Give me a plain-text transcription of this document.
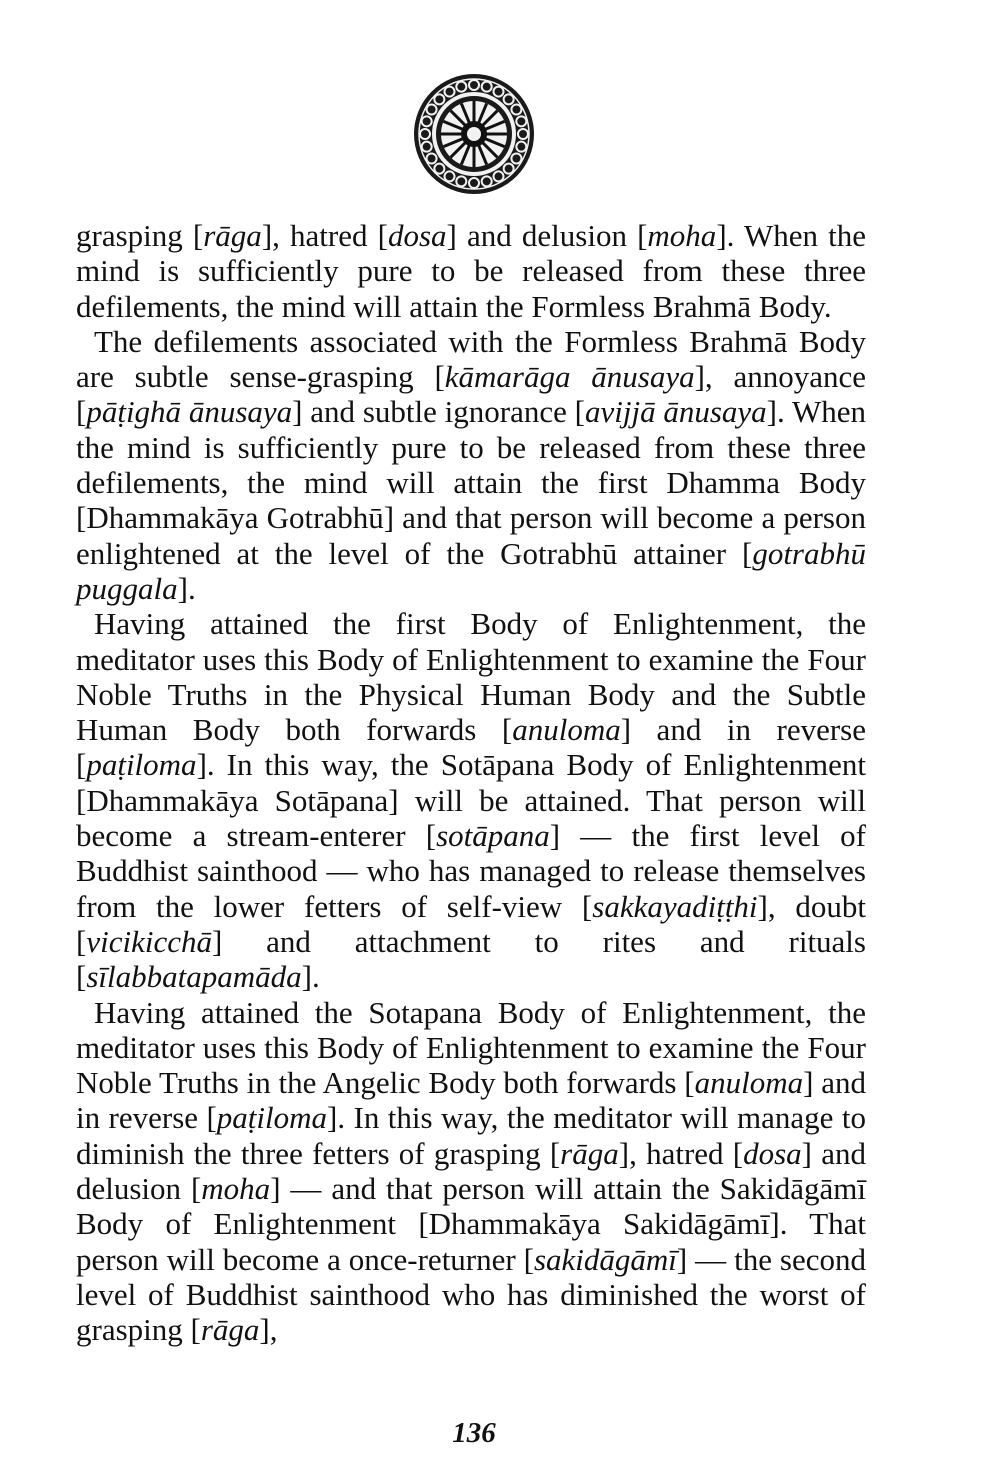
grasping [rāga], hatred [dosa] and delusion [moha]. When the mind is sufficiently pure to be released from these three defilements, the mind will attain the Formless Brahmā Body.

The defilements associated with the Formless Brahmā Body are subtle sense-grasping [kāmarāga ānusaya], annoyance [pāṭighā ānusaya] and subtle ignorance [avijjā ānusaya]. When the mind is sufficiently pure to be released from these three defilements, the mind will attain the first Dhamma Body [Dhammakāya Gotrabhū] and that person will become a person enlightened at the level of the Gotrabhū attainer [gotrabhū puggala].

Having attained the first Body of Enlightenment, the meditator uses this Body of Enlightenment to examine the Four Noble Truths in the Physical Human Body and the Subtle Human Body both forwards [anuloma] and in reverse [paṭiloma]. In this way, the Sotāpana Body of Enlightenment [Dhammakāya Sotāpana] will be attained. That person will become a stream-enterer [sotāpana] — the first level of Buddhist sainthood — who has managed to release themselves from the lower fetters of self-view [sakkayadiṭṭhi], doubt [vicikicchā] and attachment to rites and rituals [sīlabbatapamāda].

Having attained the Sotapana Body of Enlightenment, the meditator uses this Body of Enlightenment to examine the Four Noble Truths in the Angelic Body both forwards [anuloma] and in reverse [paṭiloma]. In this way, the meditator will manage to diminish the three fetters of grasping [rāga], hatred [dosa] and delusion [moha] — and that person will attain the Sakidāgāmī Body of Enlightenment [Dhammakāya Sakidāgāmī]. That person will become a once-returner [sakidāgāmī] — the second level of Buddhist sainthood who has diminished the worst of grasping [rāga],

136
